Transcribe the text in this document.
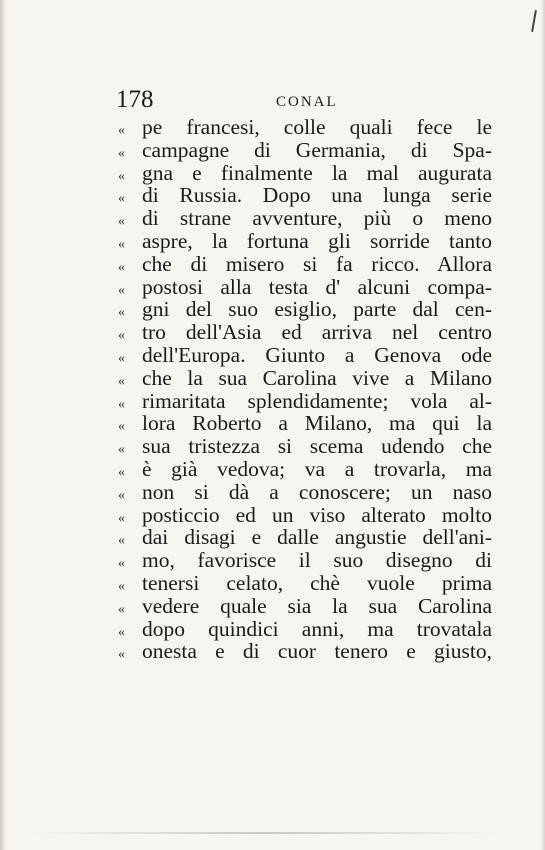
178	CONAL
« pe francesi, colle quali fece le
« campagne di Germania, di Spa-
« gna e finalmente la mal augurata
« di Russia. Dopo una lunga serie
« di strane avventure, più o meno
« aspre, la fortuna gli sorride tanto
« che di misero si fa ricco. Allora
« postosi alla testa d' alcuni compa-
« gni del suo esiglio, parte dal cen-
« tro dell'Asia ed arriva nel centro
« dell'Europa. Giunto a Genova ode
« che la sua Carolina vive a Milano
« rimaritata splendidamente; vola al-
« lora Roberto a Milano, ma qui la
« sua tristezza si scema udendo che
« è già vedova; va a trovarla, ma
« non si dà a conoscere; un naso
« posticcio ed un viso alterato molto
« dai disagi e dalle angustie dell'ani-
« mo, favorisce il suo disegno di
« tenersi celato, chè vuole prima
« vedere quale sia la sua Carolina
« dopo quindici anni, ma trovatala
« onesta e di cuor tenero e giusto,
